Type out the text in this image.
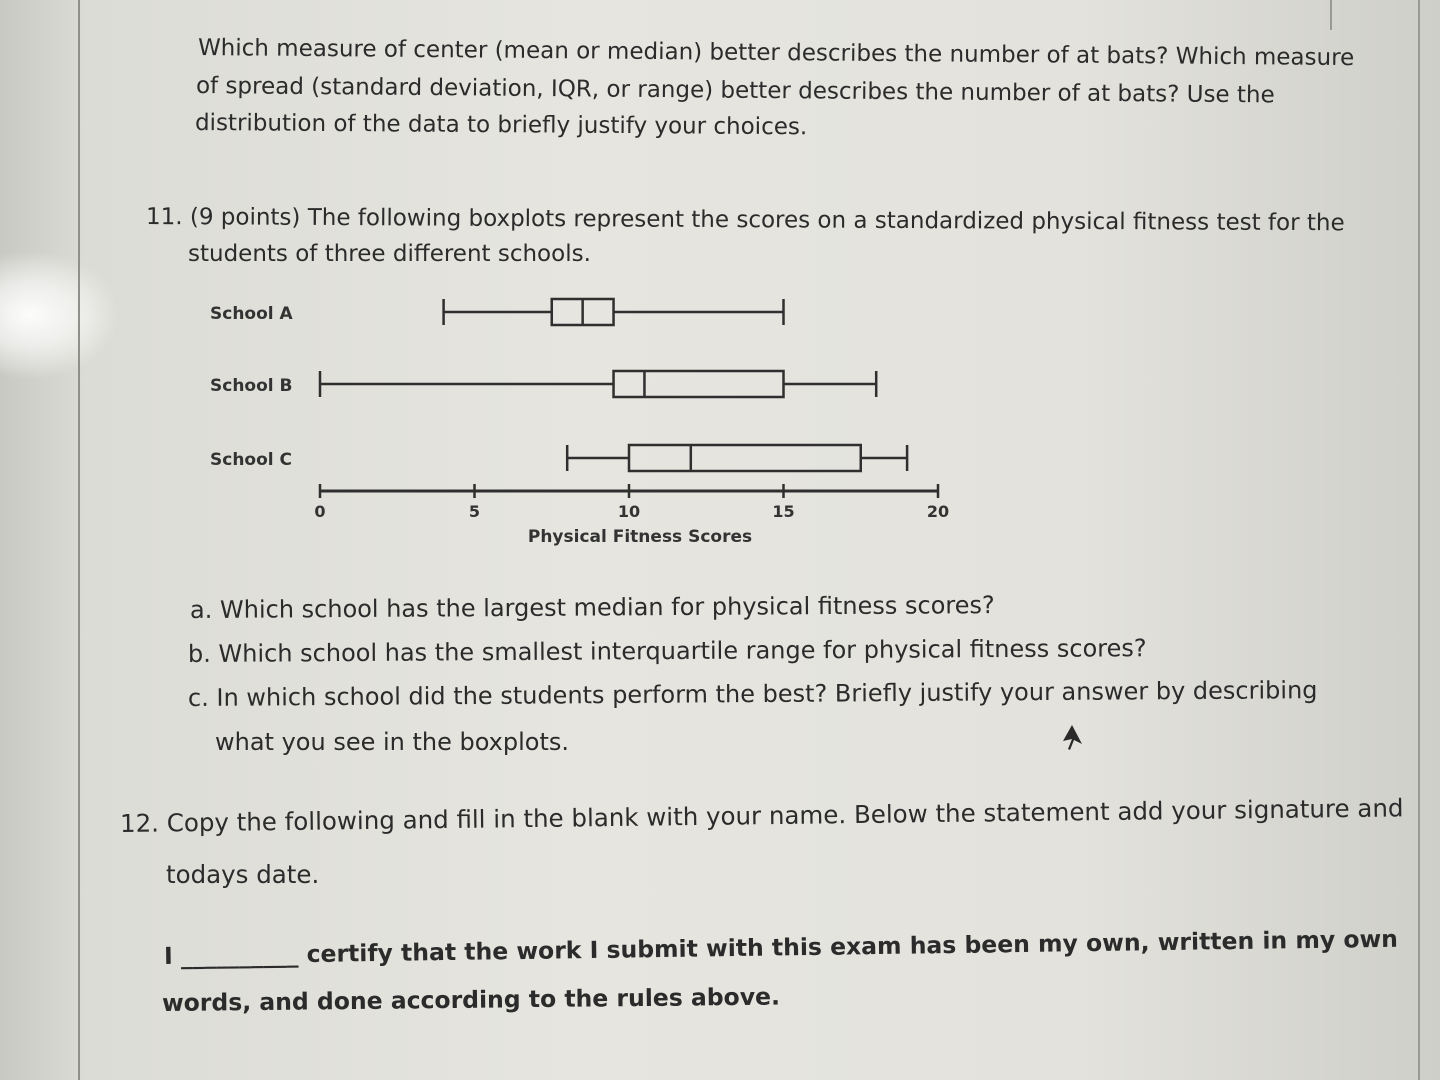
Which measure of center (mean or median) better describes the number of at bats? Which measure

of spread (standard deviation, IQR, or range) better describes the number of at bats? Use the

distribution of the data to briefly justify your choices.

11. (9 points) The following boxplots represent the scores on a standardized physical fitness test for the

students of three different schools.

School A
School B
School C
0	5	10	15	20
Physical Fitness Scores

a. Which school has the largest median for physical fitness scores?

b. Which school has the smallest interquartile range for physical fitness scores?

c. In which school did the students perform the best? Briefly justify your answer by describing

what you see in the boxplots.

12. Copy the following and fill in the blank with your name. Below the statement add your signature and

todays date.

I __________ certify that the work I submit with this exam has been my own, written in my own

words, and done according to the rules above.
